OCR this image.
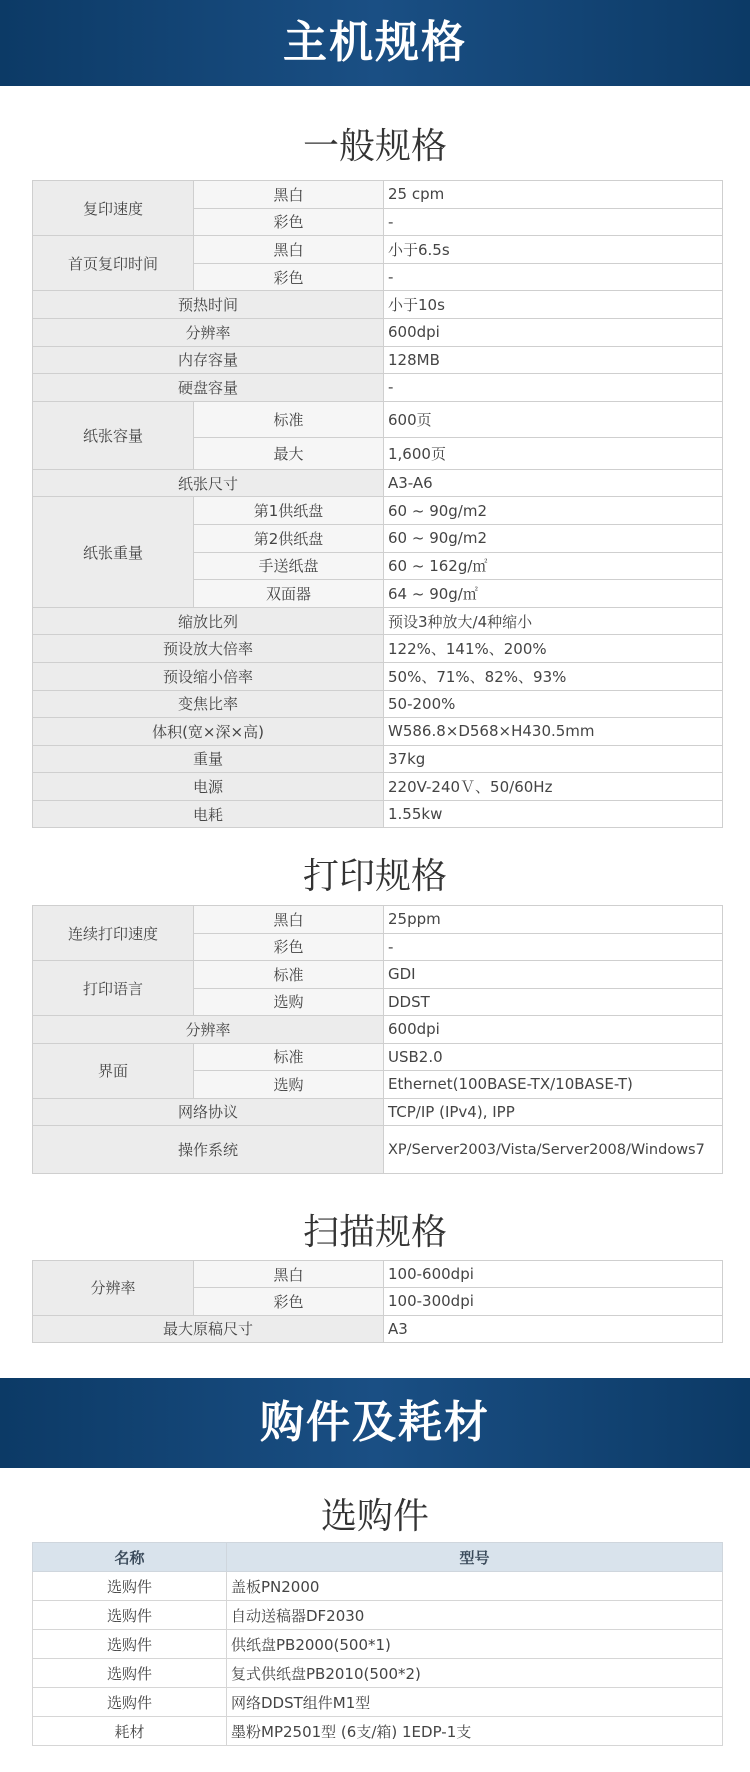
主机规格
一般规格
复印速度	黑白	25 cpm
	彩色	-
首页复印时间	黑白	小于6.5s
	彩色	-
预热时间		小于10s
分辨率		600dpi
内存容量		128MB
硬盘容量		-
纸张容量	标准	600页
	最大	1,600页
纸张尺寸		A3-A6
纸张重量	第1供纸盘	60 ~ 90g/m2
	第2供纸盘	60 ~ 90g/m2
	手送纸盘	60 ~ 162g/㎡
	双面器	64 ~ 90g/㎡
缩放比列		预设3种放大/4种缩小
预设放大倍率		122%、141%、200%
预设缩小倍率		50%、71%、82%、93%
变焦比率		50-200%
体积(宽×深×高)		W586.8×D568×H430.5mm
重量		37kg
电源		220V-240Ｖ、50/60Hz
电耗		1.55kw
打印规格
连续打印速度	黑白	25ppm
	彩色	-
打印语言	标准	GDI
	选购	DDST
分辨率		600dpi
界面	标准	USB2.0
	选购	Ethernet(100BASE-TX/10BASE-T)
网络协议		TCP/IP (IPv4), IPP
操作系统		XP/Server2003/Vista/Server2008/Windows7
扫描规格
分辨率	黑白	100-600dpi
	彩色	100-300dpi
最大原稿尺寸		A3
购件及耗材
选购件
名称	型号
选购件	盖板PN2000
选购件	自动送稿器DF2030
选购件	供纸盘PB2000(500*1)
选购件	复式供纸盘PB2010(500*2)
选购件	网络DDST组件M1型
耗材	墨粉MP2501型 (6支/箱) 1EDP-1支
